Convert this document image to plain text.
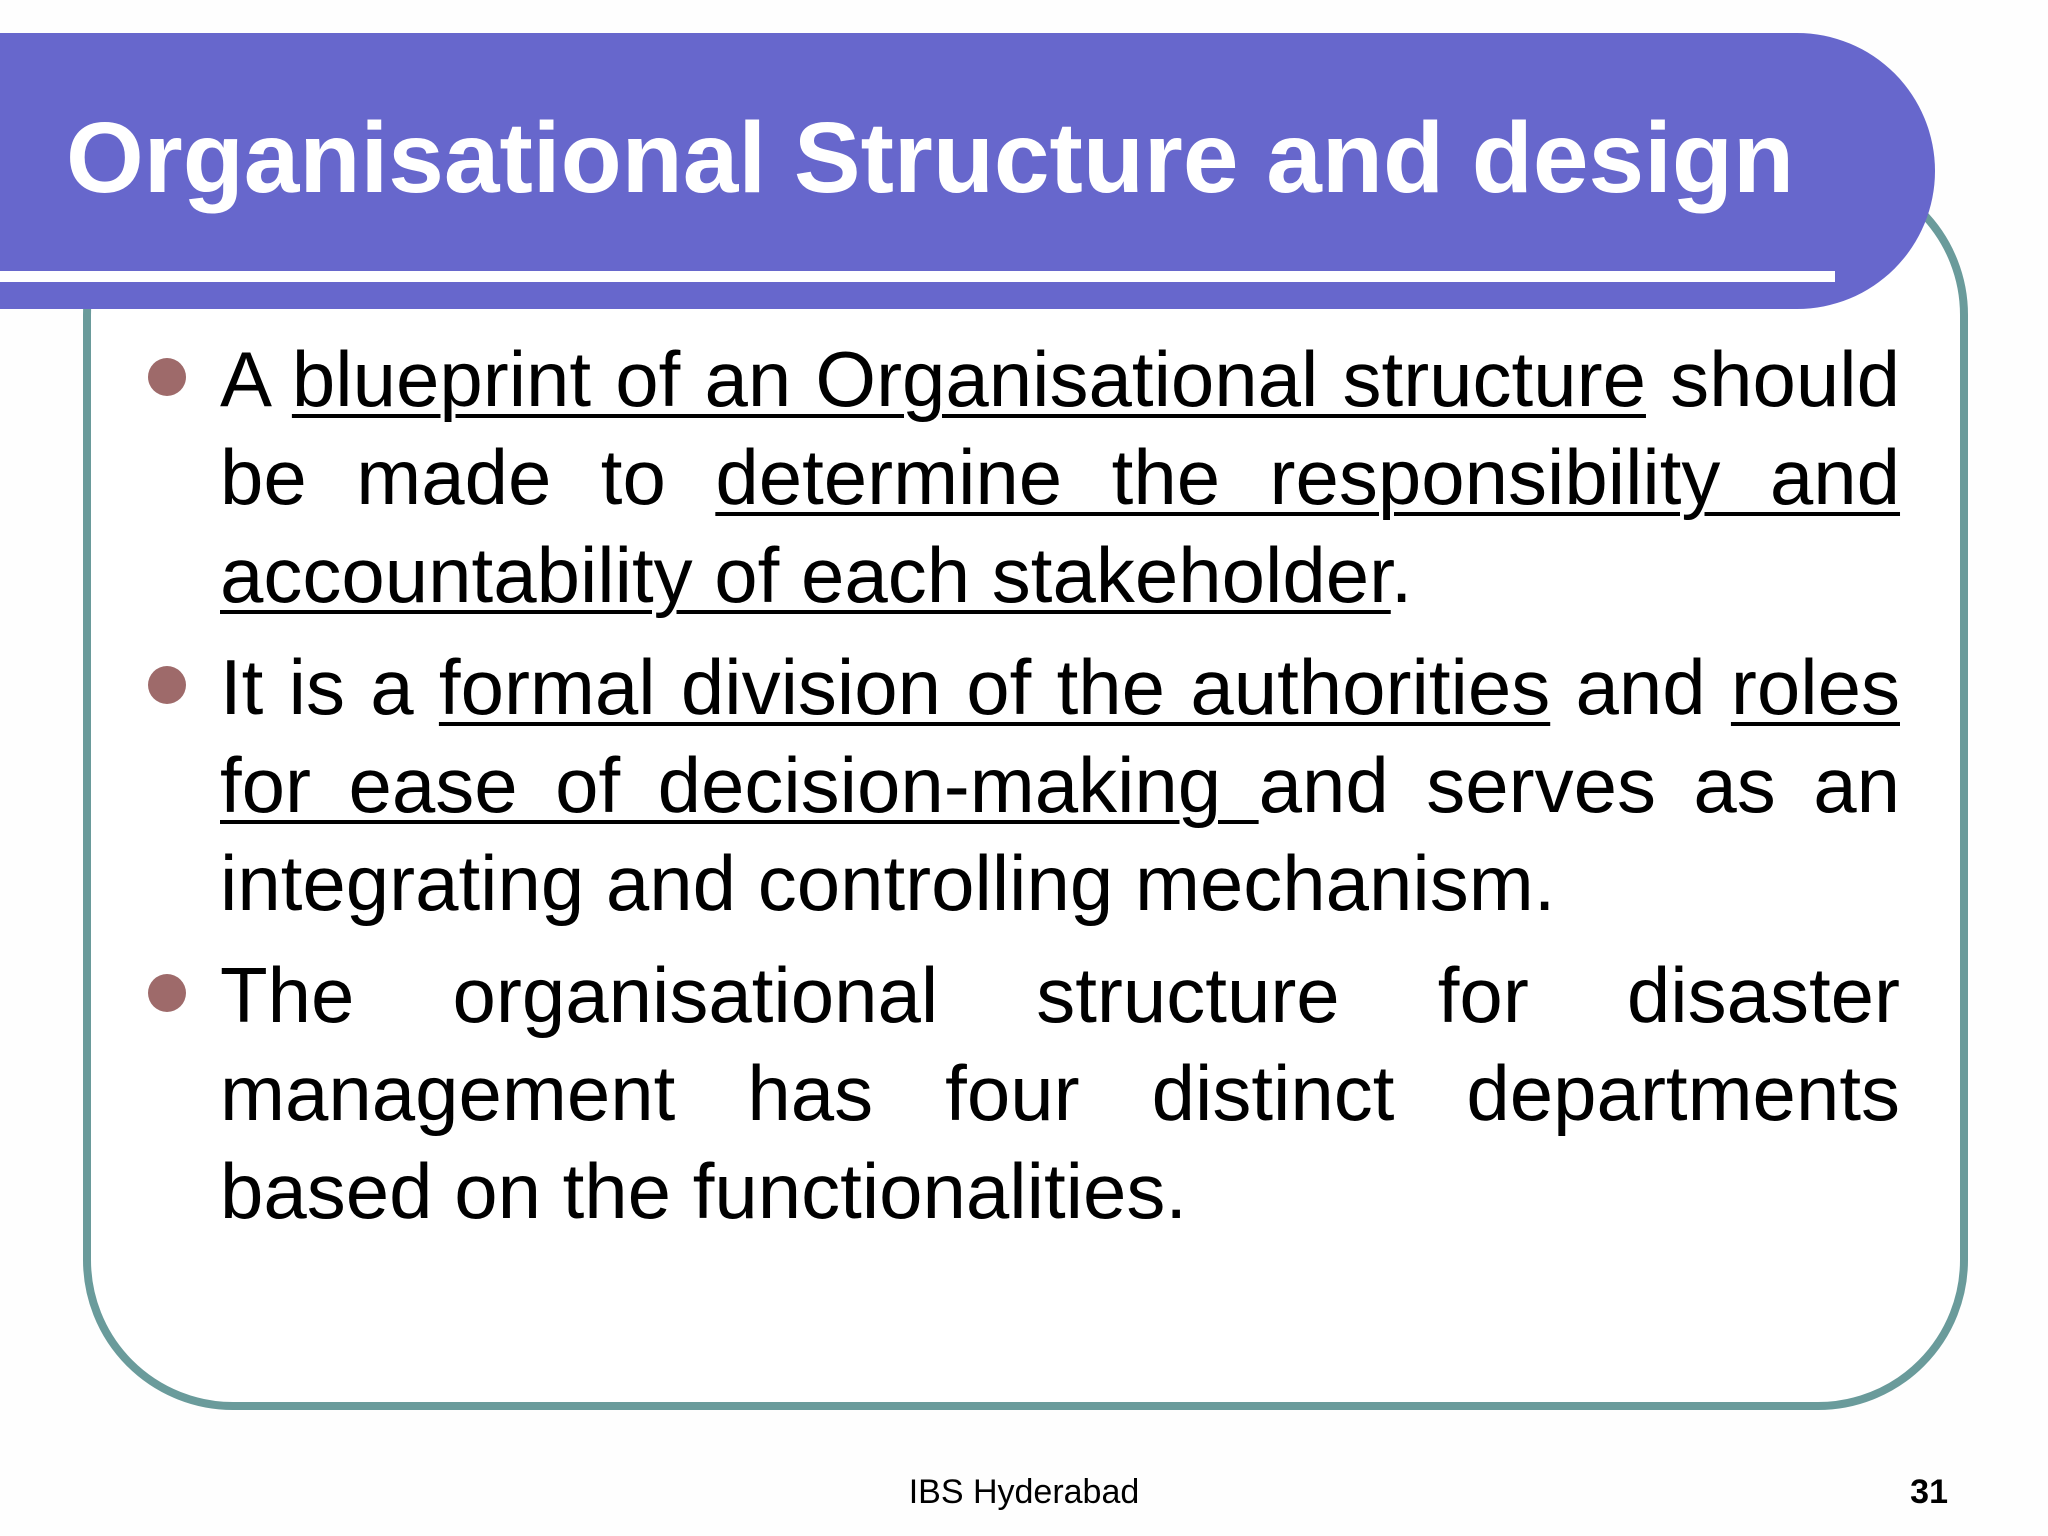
Organisational Structure and design
A blueprint of an Organisational structure should be made to determine the responsibility and accountability of each stakeholder.
It is a formal division of the authorities and roles for ease of decision-making and serves as an integrating and controlling mechanism.
The organisational structure for disaster management has four distinct departments based on the functionalities.
IBS Hyderabad	31
